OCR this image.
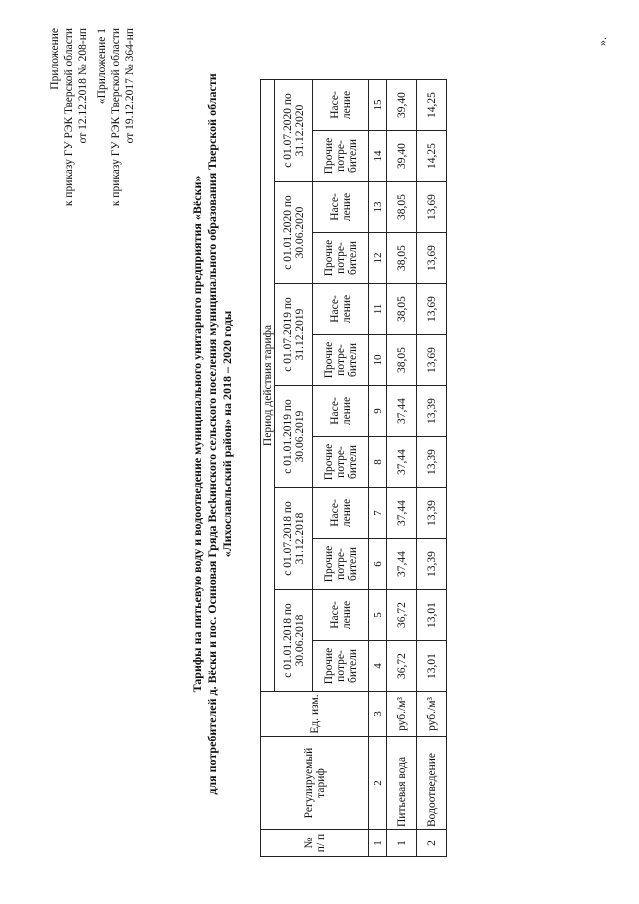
Приложение к приказу ГУ РЭК Тверской области от 12.12.2018 № 208-нп «Приложение 1 к приказу ГУ РЭК Тверской области от 19.12.2017 № 364-нп
Тарифы на питьевую воду и водоотведение муниципального унитарного предприятия «Вёски» для потребителей д. Вёски и пос. Осиновая Гряда Весkинского сельского поселения муниципального образования Тверской области «Лихославльский район» на 2018 – 2020 годы
№ п/ п	Регулируемый тариф	Ед. изм.	Период действия тарифа											
			с 01.01.2018 по 30.06.2018		с 01.07.2018 по 31.12.2018		с 01.01.2019 по 30.06.2019		с 01.07.2019 по 31.12.2019		с 01.01.2020 по 30.06.2020		с 01.07.2020 по 31.12.2020	
			Прочие потре- бители	Насе- ление	Прочие потре- бители	Насе- ление	Прочие потре- бители	Насе- ление	Прочие потре- бители	Насе- ление	Прочие потре- бители	Насе- ление	Прочие потре- бители	Насе- ление
1	2	3	4	5	6	7	8	9	10	11	12	13	14	15
1	Питьевая вода	руб./м³	36,72	36,72	37,44	37,44	37,44	37,44	38,05	38,05	38,05	38,05	39,40	39,40
2	Водоотведение	руб./м³	13,01	13,01	13,39	13,39	13,39	13,39	13,69	13,69	13,69	13,69	14,25	14,25
».
